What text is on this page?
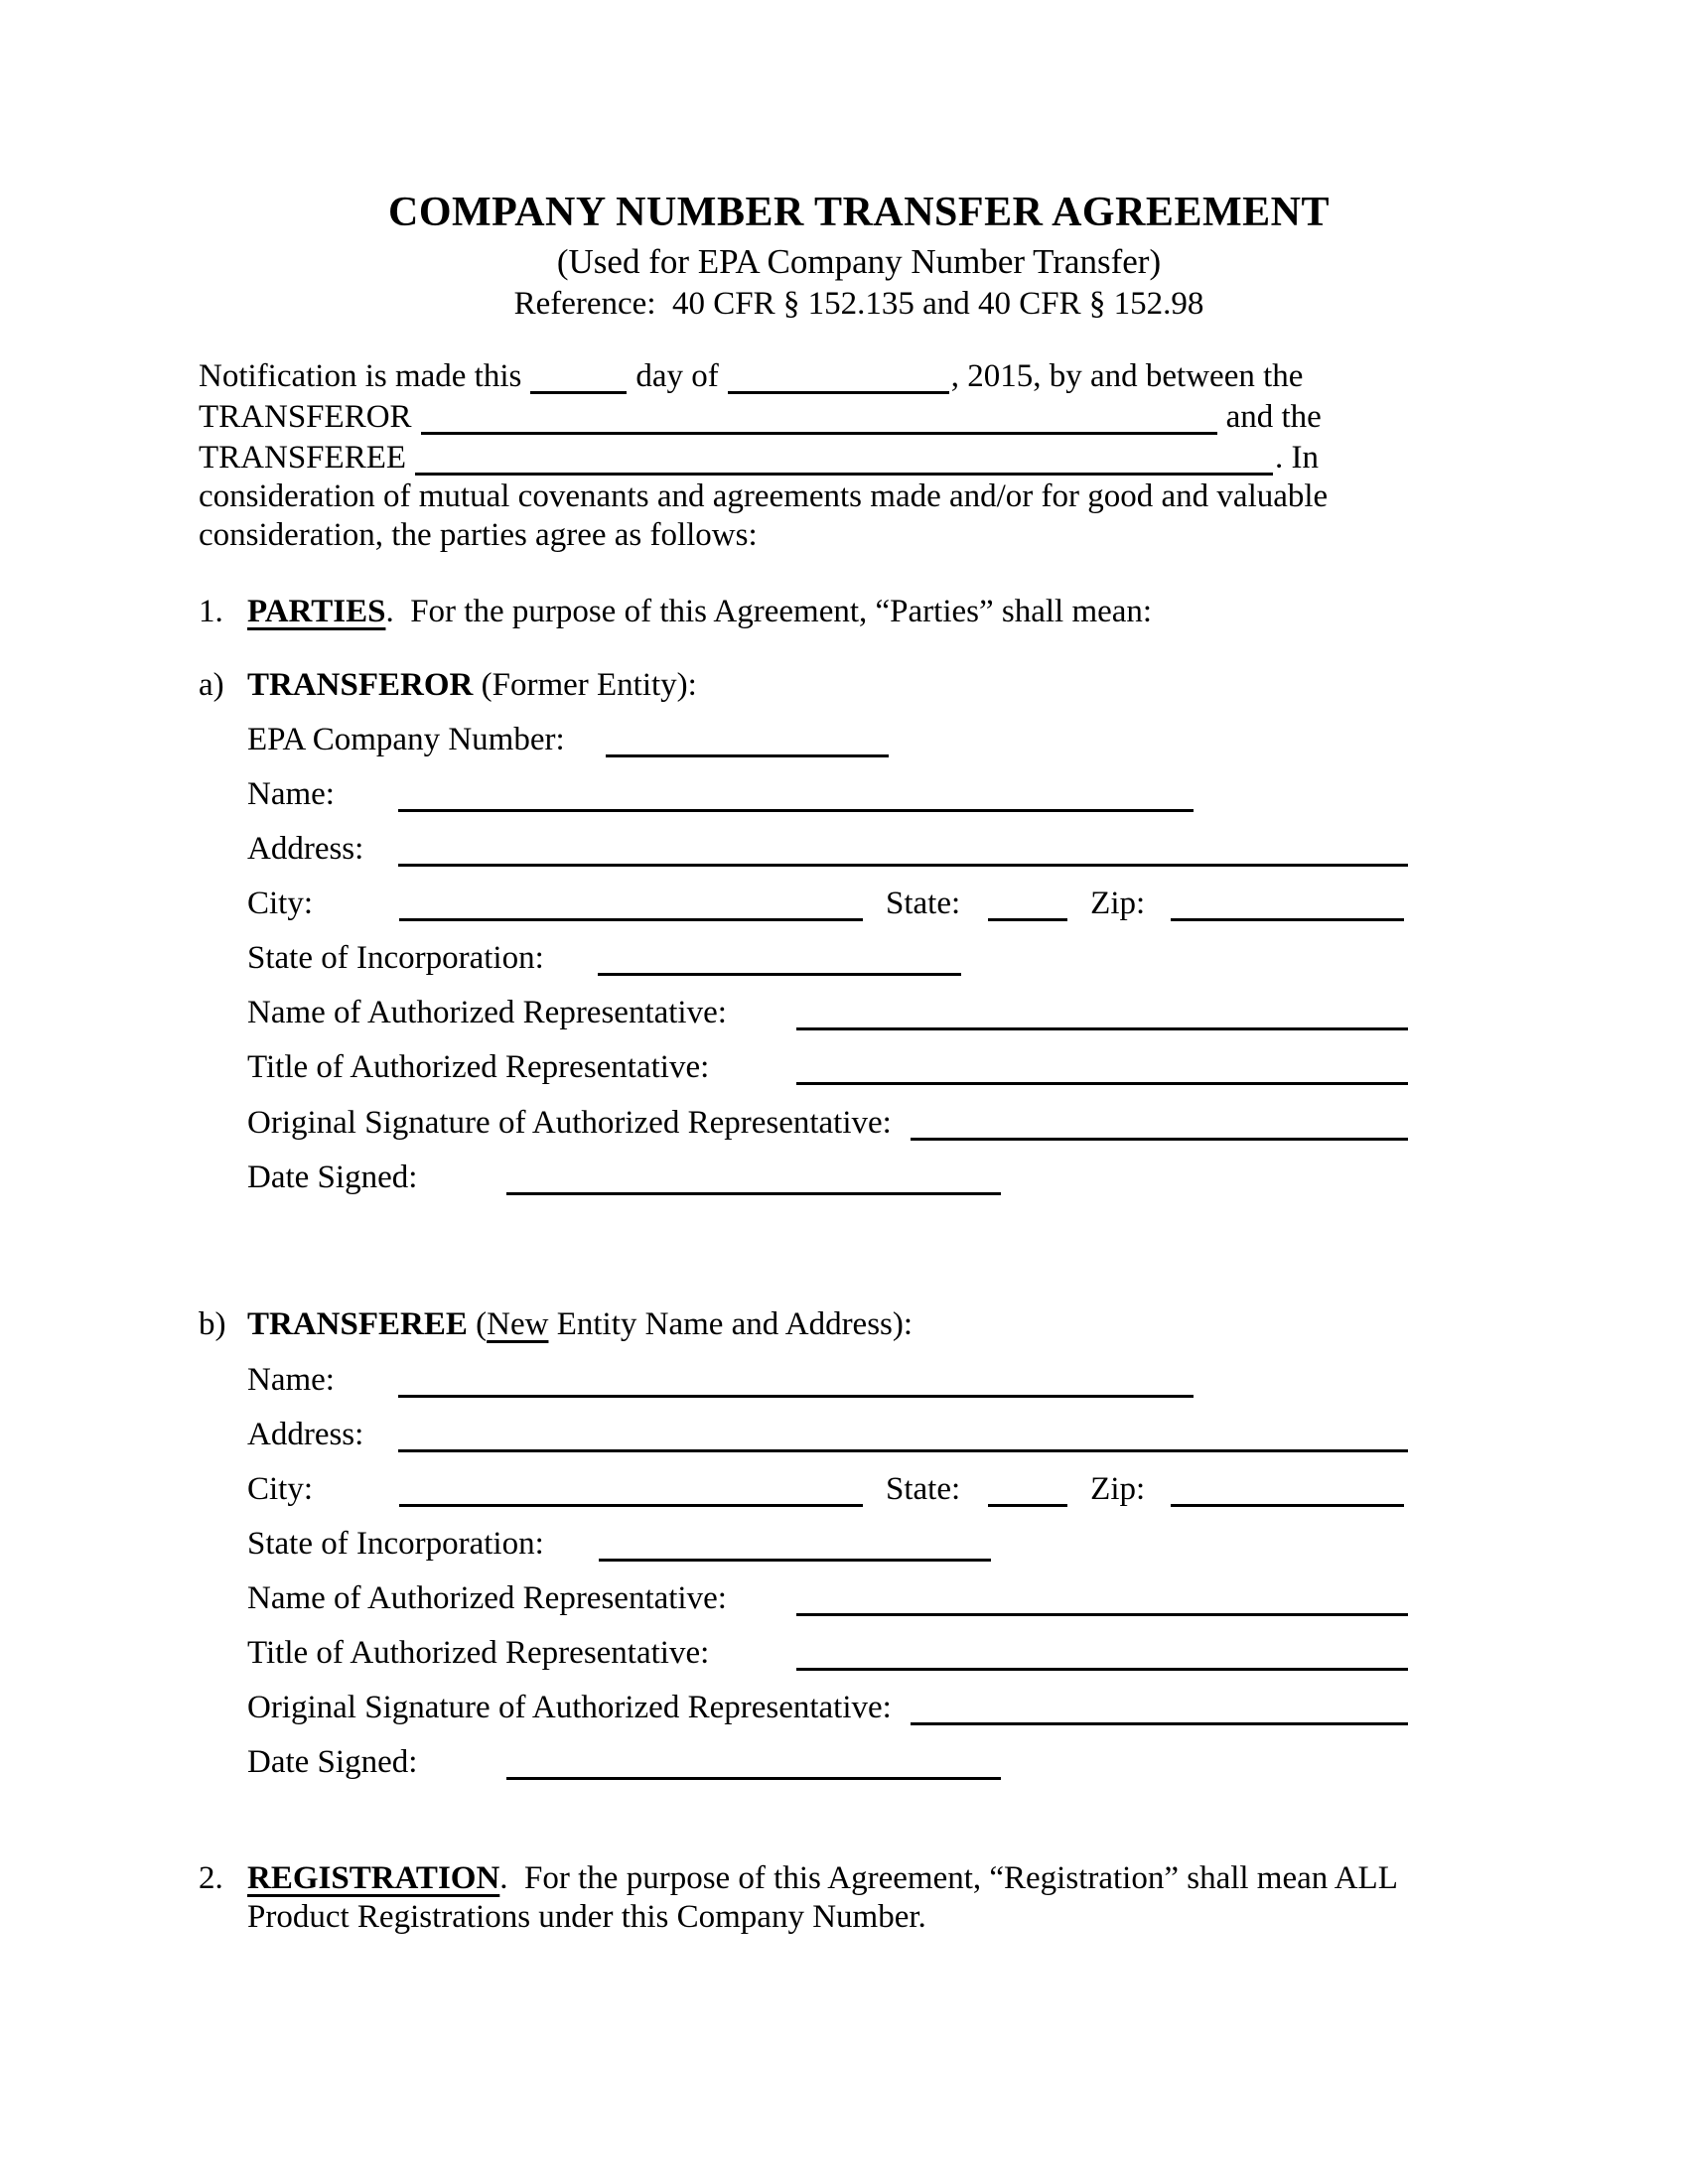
COMPANY NUMBER TRANSFER AGREEMENT
(Used for EPA Company Number Transfer)
Reference:  40 CFR § 152.135 and 40 CFR § 152.98
Notification is made this	day of	, 2015, by and between the
TRANSFEROR	and the
TRANSFEREE	. In
consideration of mutual covenants and agreements made and/or for good and valuable
consideration, the parties agree as follows:
1. PARTIES.  For the purpose of this Agreement, “Parties” shall mean:
a) TRANSFEROR (Former Entity):
EPA Company Number:
Name:
Address:
City:	State:	Zip:
State of Incorporation:
Name of Authorized Representative:
Title of Authorized Representative:
Original Signature of Authorized Representative:
Date Signed:
b) TRANSFEREE (New Entity Name and Address):
Name:
Address:
City:	State:	Zip:
State of Incorporation:
Name of Authorized Representative:
Title of Authorized Representative:
Original Signature of Authorized Representative:
Date Signed:
2. REGISTRATION.  For the purpose of this Agreement, “Registration” shall mean ALL
Product Registrations under this Company Number.
